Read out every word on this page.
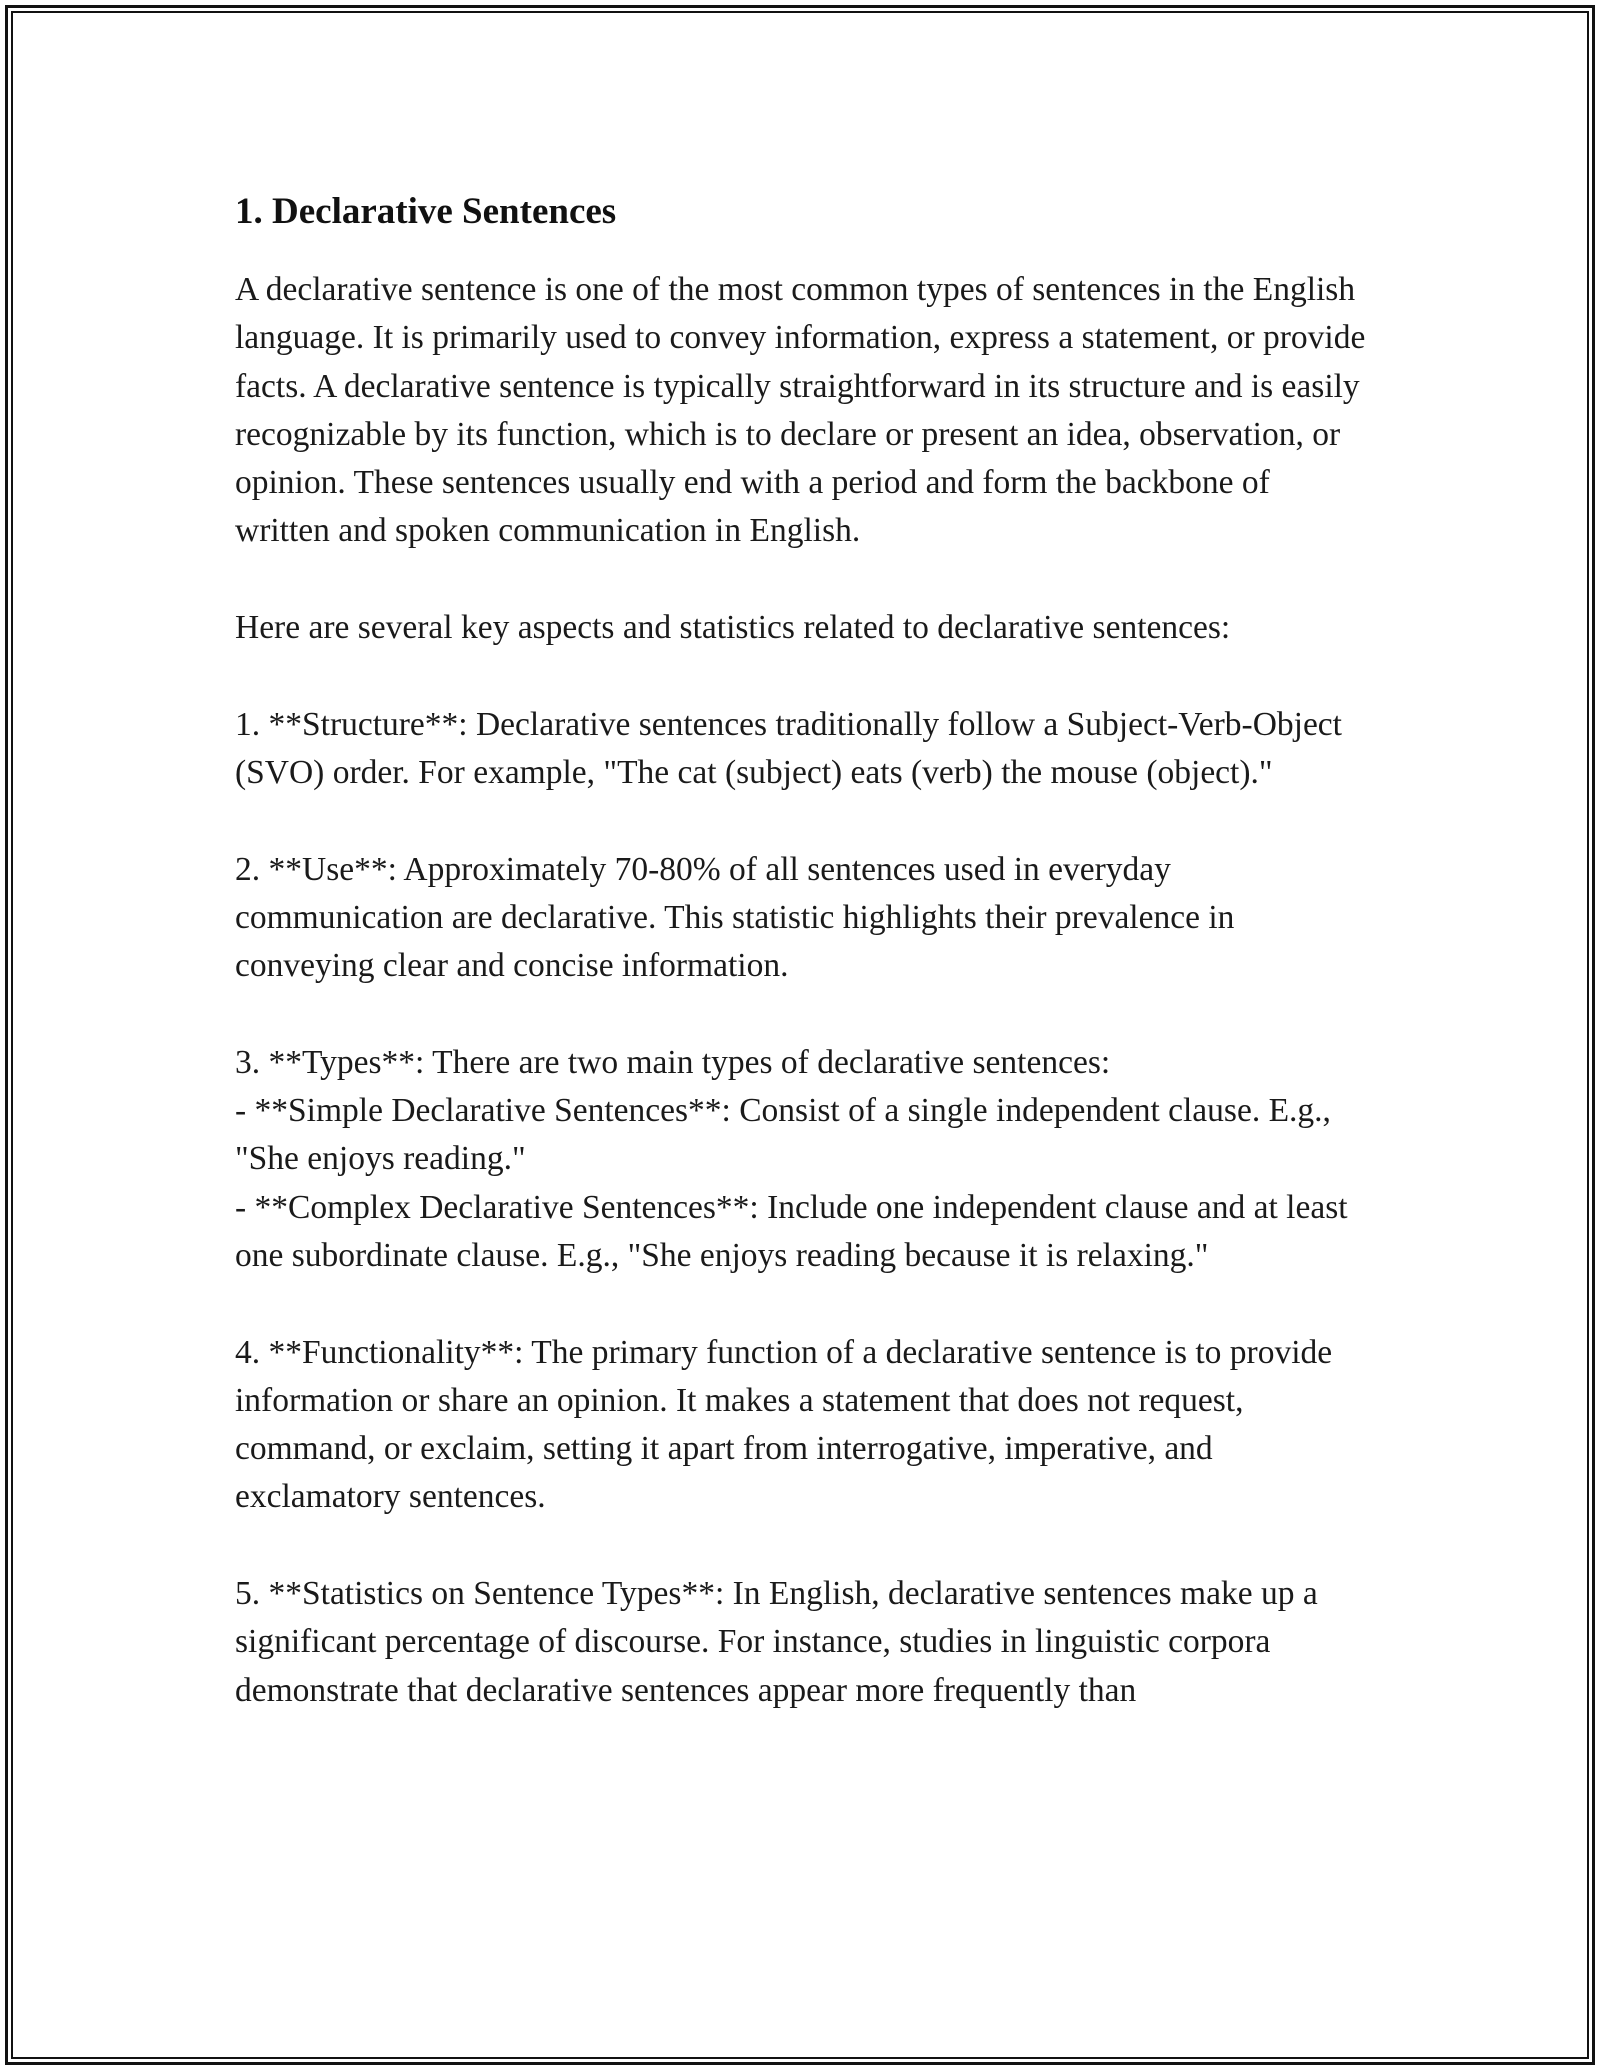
1. Declarative Sentences

A declarative sentence is one of the most common types of sentences in the English language. It is primarily used to convey information, express a statement, or provide facts. A declarative sentence is typically straightforward in its structure and is easily recognizable by its function, which is to declare or present an idea, observation, or opinion. These sentences usually end with a period and form the backbone of written and spoken communication in English.

Here are several key aspects and statistics related to declarative sentences:

1. **Structure**: Declarative sentences traditionally follow a Subject-Verb-Object (SVO) order. For example, "The cat (subject) eats (verb) the mouse (object)."

2. **Use**: Approximately 70-80% of all sentences used in everyday communication are declarative. This statistic highlights their prevalence in conveying clear and concise information.

3. **Types**: There are two main types of declarative sentences:
- **Simple Declarative Sentences**: Consist of a single independent clause. E.g., "She enjoys reading."
- **Complex Declarative Sentences**: Include one independent clause and at least one subordinate clause. E.g., "She enjoys reading because it is relaxing."

4. **Functionality**: The primary function of a declarative sentence is to provide information or share an opinion. It makes a statement that does not request, command, or exclaim, setting it apart from interrogative, imperative, and exclamatory sentences.

5. **Statistics on Sentence Types**: In English, declarative sentences make up a significant percentage of discourse. For instance, studies in linguistic corpora demonstrate that declarative sentences appear more frequently than
